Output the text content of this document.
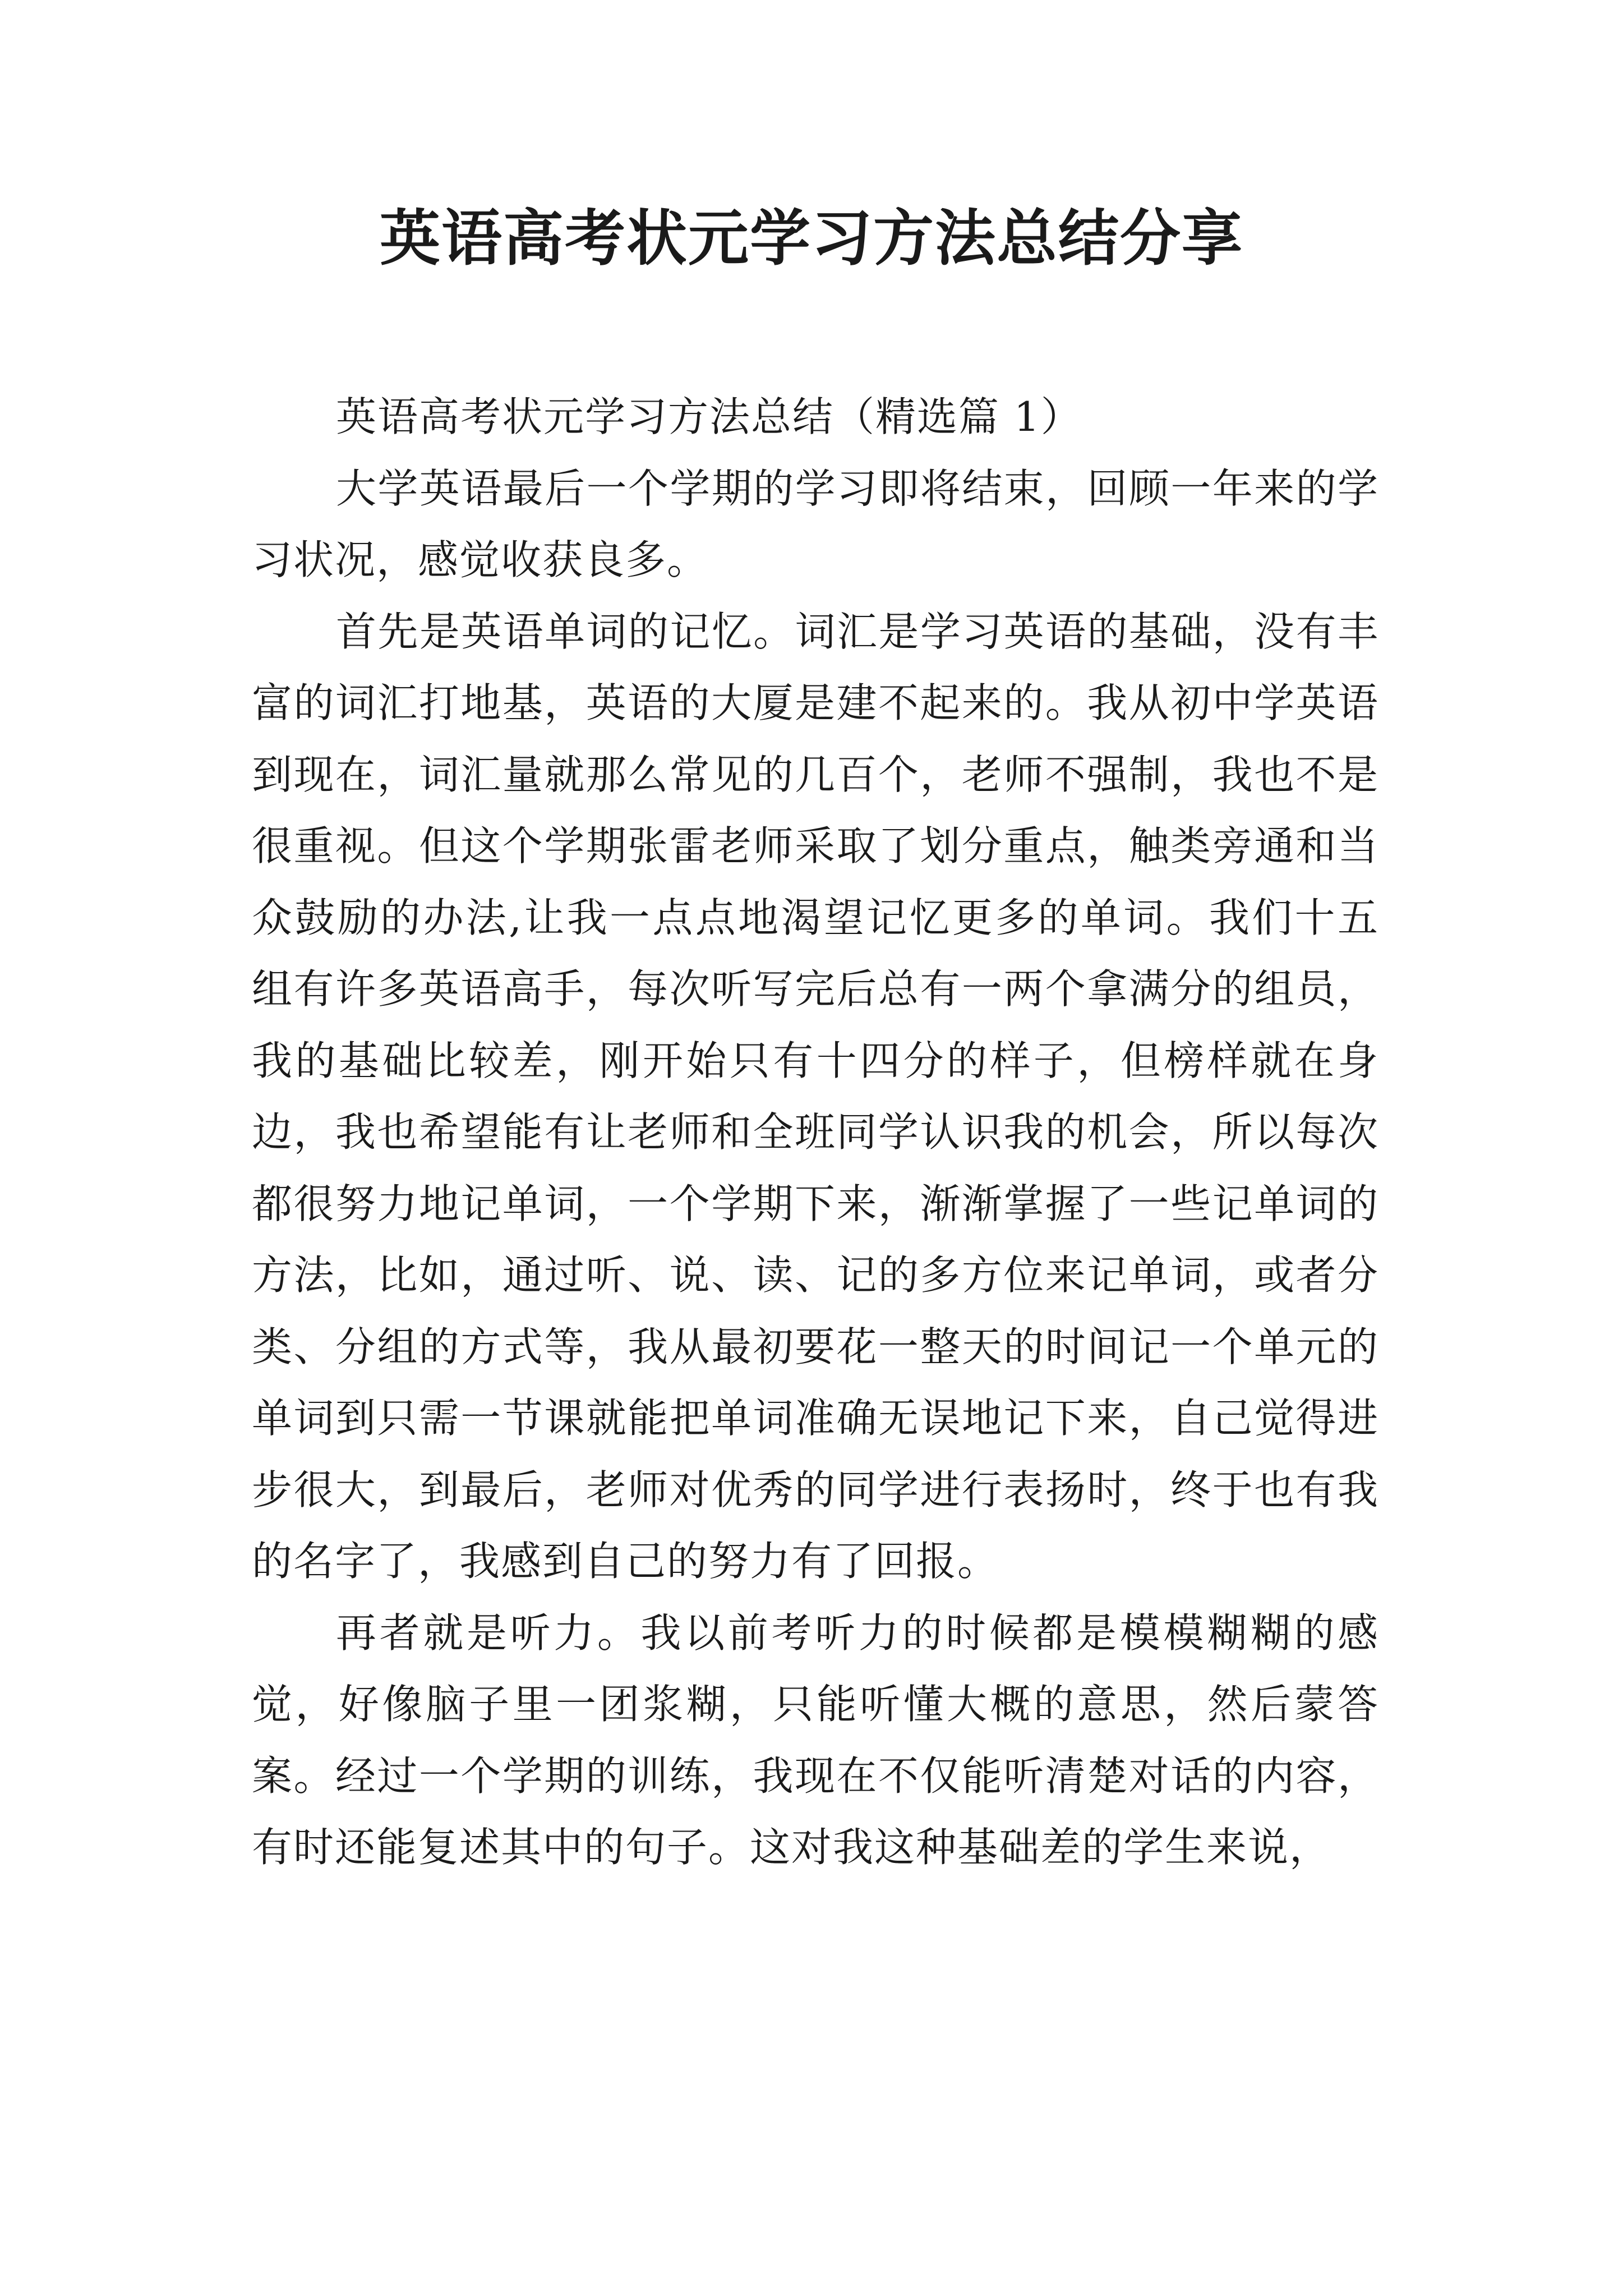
英语高考状元学习方法总结分享

英语高考状元学习方法总结（精选篇 1）

大学英语最后一个学期的学习即将结束，回顾一年来的学习状况，感觉收获良多。

首先是英语单词的记忆。词汇是学习英语的基础，没有丰富的词汇打地基，英语的大厦是建不起来的。我从初中学英语到现在，词汇量就那么常见的几百个，老师不强制，我也不是很重视。但这个学期张雷老师采取了划分重点，触类旁通和当众鼓励的办法,让我一点点地渴望记忆更多的单词。我们十五组有许多英语高手，每次听写完后总有一两个拿满分的组员，我的基础比较差，刚开始只有十四分的样子，但榜样就在身边，我也希望能有让老师和全班同学认识我的机会，所以每次都很努力地记单词，一个学期下来，渐渐掌握了一些记单词的方法，比如，通过听、说、读、记的多方位来记单词，或者分类、分组的方式等，我从最初要花一整天的时间记一个单元的单词到只需一节课就能把单词准确无误地记下来，自己觉得进步很大，到最后，老师对优秀的同学进行表扬时，终于也有我的名字了，我感到自己的努力有了回报。

再者就是听力。我以前考听力的时候都是模模糊糊的感觉，好像脑子里一团浆糊，只能听懂大概的意思，然后蒙答案。经过一个学期的训练，我现在不仅能听清楚对话的内容，有时还能复述其中的句子。这对我这种基础差的学生来说，
